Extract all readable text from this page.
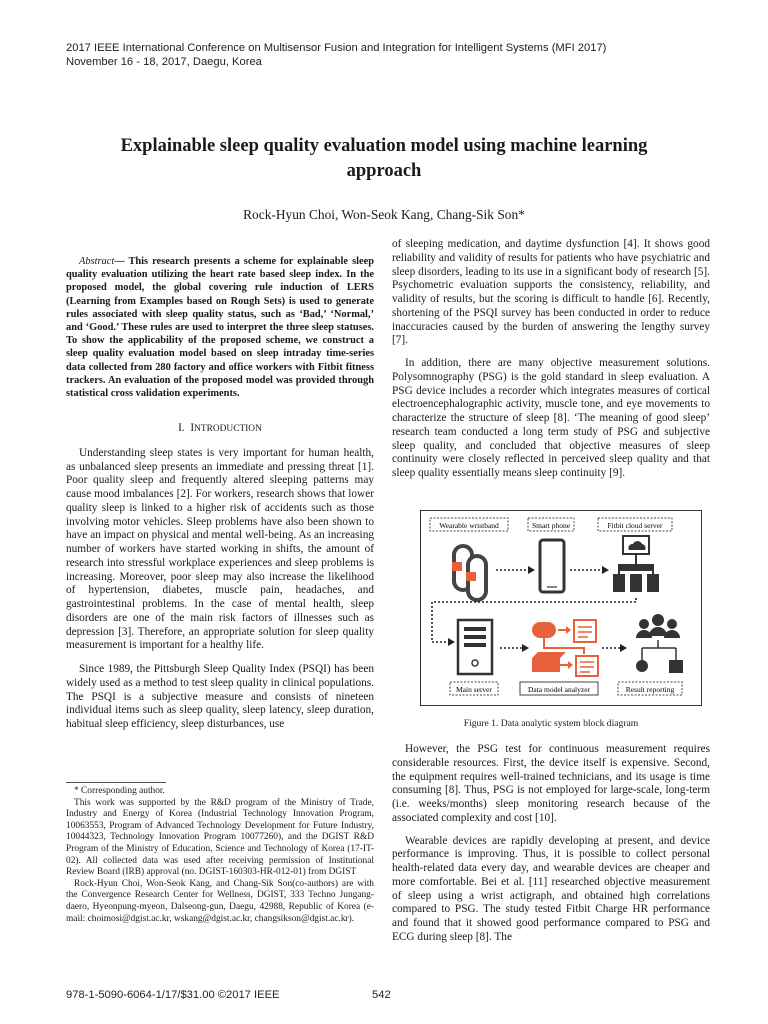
2017 IEEE International Conference on Multisensor Fusion and Integration for Intelligent Systems (MFI 2017)
November 16 - 18, 2017, Daegu, Korea
Explainable sleep quality evaluation model using machine learning
approach
Rock-Hyun Choi, Won-Seok Kang, Chang-Sik Son*

Abstract— This research presents a scheme for explainable sleep quality evaluation utilizing the heart rate based sleep index. In the proposed model, the global covering rule induction of LERS (Learning from Examples based on Rough Sets) is used to generate rules associated with sleep quality status, such as ‘Bad,’ ‘Normal,’ and ‘Good.’ These rules are used to interpret the three sleep statuses. To show the applicability of the proposed scheme, we construct a sleep quality evaluation model based on sleep intraday time-series data collected from 280 factory and office workers with Fitbit fitness trackers. An evaluation of the proposed model was provided through statistical cross validation experiments.

I. INTRODUCTION

Understanding sleep states is very important for human health, as unbalanced sleep presents an immediate and pressing threat [1]. Poor quality sleep and frequently altered sleeping patterns may cause mood imbalances [2]. For workers, research shows that lower quality sleep is linked to a higher risk of accidents such as those involving motor vehicles. Sleep problems have also been shown to have an impact on physical and mental well-being. As an increasing number of workers have started working in shifts, the amount of research into stressful workplace experiences and sleep problems is increasing. Moreover, poor sleep may also increase the likelihood of hypertension, diabetes, muscle pain, headaches, and gastrointestinal problems. In the case of mental health, sleep disorders are one of the main risk factors of illnesses such as depression [3]. Therefore, an appropriate solution for sleep quality measurement is important for a healthy life.

Since 1989, the Pittsburgh Sleep Quality Index (PSQI) has been widely used as a method to test sleep quality in clinical populations. The PSQI is a subjective measure and consists of nineteen individual items such as sleep quality, sleep latency, sleep duration, habitual sleep efficiency, sleep disturbances, use

* Corresponding author.

This work was supported by the R&D program of the Ministry of Trade, Industry and Energy of Korea (Industrial Technology Innovation Program, 10063553, Program of Advanced Technology Development for Future Industry, 10044323, Technology Innovation Program 10077260), and the DGIST R&D Program of the Ministry of Education, Science and Technology of Korea (17-IT-02). All collected data was used after receiving permission of Institutional Review Board (IRB) approval (no. DGIST-160303-HR-012-01) from DGIST

Rock-Hyun Choi, Won-Seok Kang, and Chang-Sik Son(co-authors) are with the Convergence Research Center for Wellness, DGIST, 333 Techno Jungang-daero, Hyeonpung-myeon, Dalseong-gun, Daegu, 42988, Republic of Korea (e-mail: choimosi@dgist.ac.kr, wskang@dgist.ac.kr, changsikson@dgist.ac.kr).

of sleeping medication, and daytime dysfunction [4]. It shows good reliability and validity of results for patients who have psychiatric and sleep disorders, leading to its use in a significant body of research [5]. Psychometric evaluation supports the consistency, reliability, and validity of results, but the scoring is difficult to handle [6]. Recently, shortening of the PSQI survey has been conducted in order to reduce inaccuracies caused by the burden of answering the lengthy survey [7].

In addition, there are many objective measurement solutions. Polysomnography (PSG) is the gold standard in sleep evaluation. A PSG device includes a recorder which integrates measures of cortical electroencephalographic activity, muscle tone, and eye movements to characterize the structure of sleep [8]. ‘The meaning of good sleep’ research team conducted a long term study of PSG and subjective sleep quality, and concluded that objective measures of sleep continuity were closely reflected in perceived sleep quality and that sleep quality essentially means sleep continuity [9].

Wearable wristband	Smart phone	Fitbit cloud server
Main server	Data model analyzer	Result reporting
Figure 1. Data analytic system block diagram

However, the PSG test for continuous measurement requires considerable resources. First, the device itself is expensive. Second, the equipment requires well-trained technicians, and its usage is time consuming [8]. Thus, PSG is not employed for large-scale, long-term (i.e. weeks/months) sleep monitoring research because of the associated complexity and cost [10].

Wearable devices are rapidly developing at present, and device performance is improving. Thus, it is possible to collect personal health-related data every day, and wearable devices are cheaper and more comfortable. Bei et al. [11] researched objective measurement of sleep using a wrist actigraph, and obtained high correlations compared to PSG. The study tested Fitbit Charge HR performance and found that it showed good performance compared to PSG and ECG during sleep [8]. The

978-1-5090-6064-1/17/$31.00 ©2017 IEEE	542
